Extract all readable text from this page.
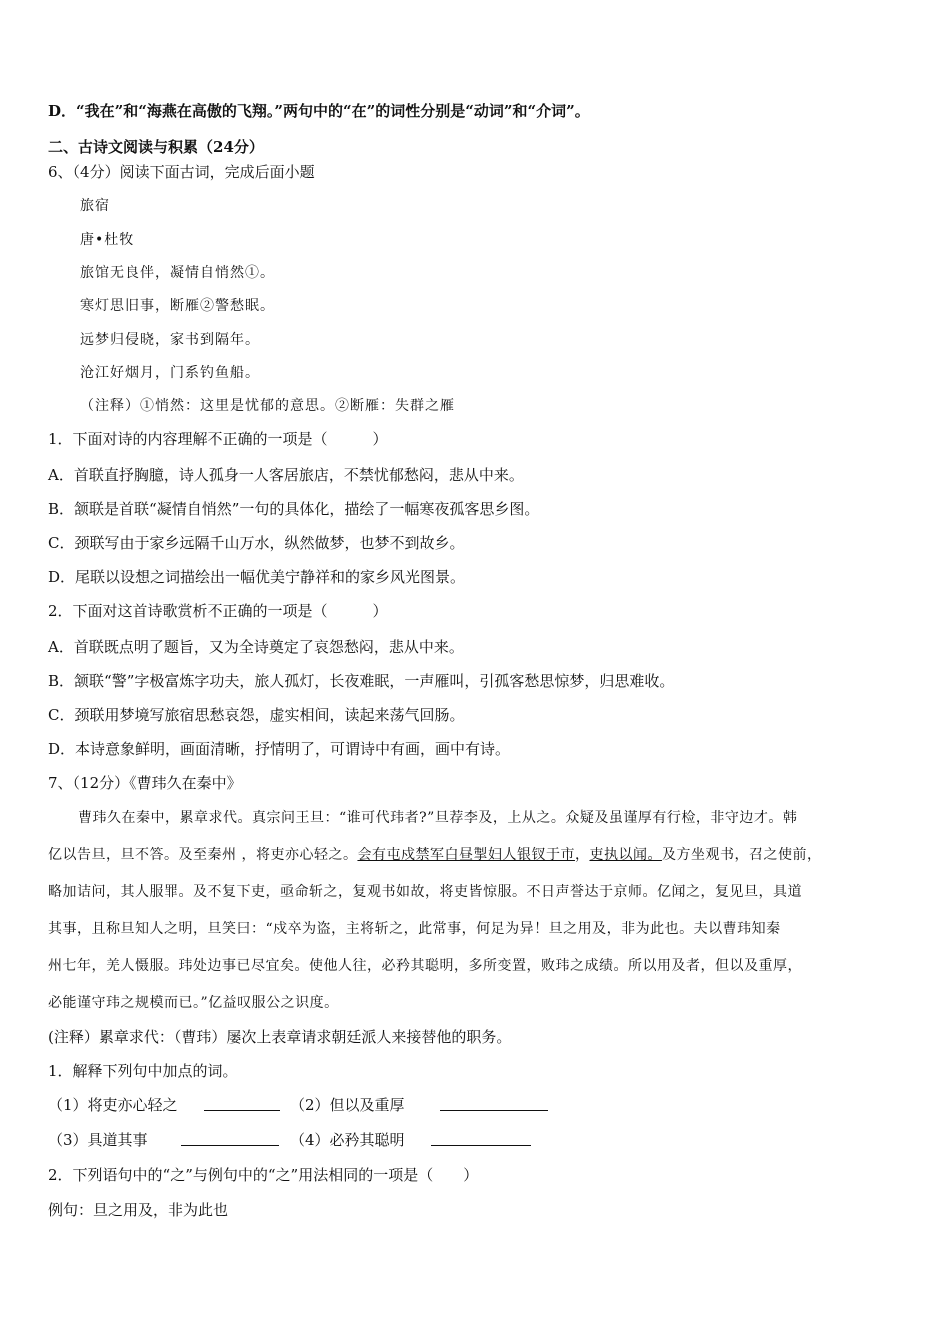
D．“我在”和“海燕在高傲的飞翔。”两句中的“在”的词性分别是“动词”和“介词”。
二、古诗文阅读与积累（24分）
6、（4分）阅读下面古词，完成后面小题
旅宿
唐•杜牧
旅馆无良伴，凝情自悄然①。
寒灯思旧事，断雁②警愁眠。
远梦归侵晓，家书到隔年。
沧江好烟月，门系钓鱼船。
（注释）①悄然：这里是忧郁的意思。②断雁：失群之雁
1．下面对诗的内容理解不正确的一项是（　　　）
A．首联直抒胸臆，诗人孤身一人客居旅店，不禁忧郁愁闷，悲从中来。
B．颔联是首联“凝情自悄然”一句的具体化，描绘了一幅寒夜孤客思乡图。
C．颈联写由于家乡远隔千山万水，纵然做梦，也梦不到故乡。
D．尾联以设想之词描绘出一幅优美宁静祥和的家乡风光图景。
2．下面对这首诗歌赏析不正确的一项是（　　　）
A．首联既点明了题旨，又为全诗奠定了哀怨愁闷，悲从中来。
B．颔联“警”字极富炼字功夫，旅人孤灯，长夜难眠，一声雁叫，引孤客愁思惊梦，归思难收。
C．颈联用梦境写旅宿思愁哀怨，虚实相间，读起来荡气回肠。
D．本诗意象鲜明，画面清晰，抒情明了，可谓诗中有画，画中有诗。
7、（12分）《曹玮久在秦中》
曹玮久在秦中，累章求代。真宗问王旦：“谁可代玮者?”旦荐李及，上从之。众疑及虽谨厚有行检，非守边才。韩
亿以告旦，旦不答。及至秦州 ，将吏亦心轻之。会有屯戍禁军白昼掣妇人银钗于市，吏执以闻。及方坐观书，召之使前，
略加诘问，其人服罪。及不复下吏，亟命斩之，复观书如故，将吏皆惊服。不日声誉达于京师。亿闻之，复见旦，具道
其事，且称旦知人之明，旦笑曰：“戍卒为盗，主将斩之，此常事，何足为异！旦之用及，非为此也。夫以曹玮知秦
州七年，羌人慑服。玮处边事已尽宜矣。使他人往，必矜其聪明，多所变置，败玮之成绩。所以用及者，但以及重厚，
必能谨守玮之规模而已。”亿益叹服公之识度。
(注释）累章求代：（曹玮）屡次上表章请求朝廷派人来接替他的职务。
1．解释下列句中加点的词。
（1）将吏亦心轻之	（2）但以及重厚
（3）具道其事	（4）必矜其聪明
2．下列语句中的“之”与例句中的“之”用法相同的一项是（　　）
例句：旦之用及，非为此也
